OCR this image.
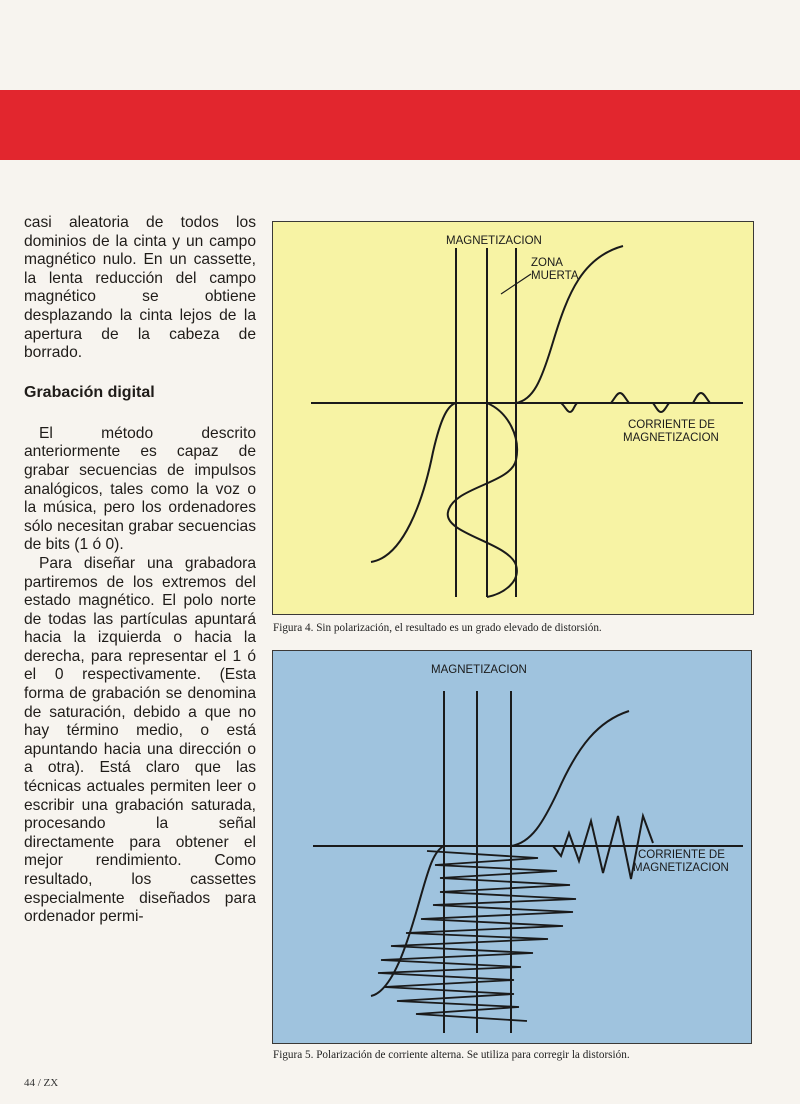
casi aleatoria de todos los dominios de la cinta y un campo magnético nulo. En un cassette, la lenta reducción del campo magnético se obtiene desplazando la cinta lejos de la apertura de la cabeza de borrado.

Grabación digital

El método descrito anteriormente es capaz de grabar secuencias de impulsos analógicos, tales como la voz o la música, pero los ordenadores sólo necesitan grabar secuencias de bits (1 ó 0).

Para diseñar una grabadora partiremos de los extremos del estado magnético. El polo norte de todas las partículas apuntará hacia la izquierda o hacia la derecha, para representar el 1 ó el 0 respectivamente. (Esta forma de grabación se denomina de saturación, debido a que no hay término medio, o está apuntando hacia una dirección o a otra). Está claro que las técnicas actuales permiten leer o escribir una grabación saturada, procesando la señal directamente para obtener el mejor rendimiento. Como resultado, los cassettes especialmente diseñados para ordenador permi-

MAGNETIZACION
ZONA
MUERTA
CORRIENTE DE
MAGNETIZACION
Figura 4. Sin polarización, el resultado es un grado elevado de distorsión.
MAGNETIZACION
CORRIENTE DE
MAGNETIZACION
Figura 5. Polarización de corriente alterna. Se utiliza para corregir la distorsión.
44 / ZX
